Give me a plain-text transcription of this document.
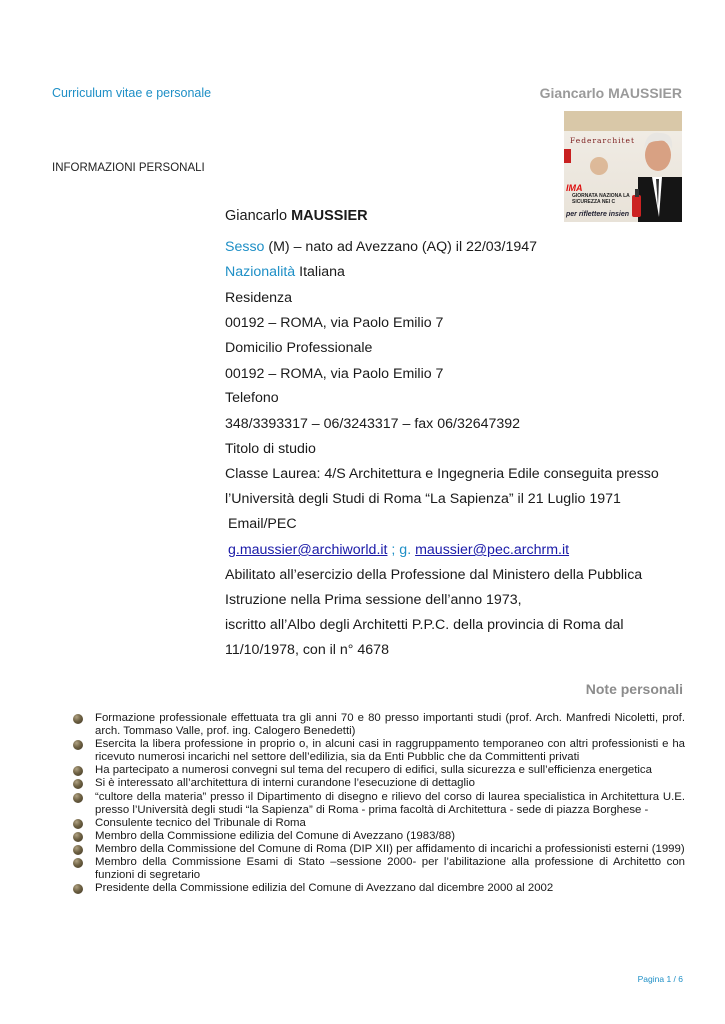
Curriculum vitae e personale	Giancarlo MAUSSIER
INFORMAZIONI PERSONALI
Federarchitet
IMA
GIORNATA NAZIONA LA SICUREZZA NEI C
per riflettere insien
Giancarlo MAUSSIER
Sesso (M) – nato ad Avezzano (AQ) il 22/03/1947
Nazionalità Italiana
Residenza
00192 – ROMA, via Paolo Emilio 7
Domicilio Professionale
00192 – ROMA, via Paolo Emilio 7
Telefono
348/3393317 – 06/3243317 – fax 06/32647392
Titolo di studio
Classe Laurea: 4/S Architettura e Ingegneria Edile conseguita presso
l’Università degli Studi di Roma “La Sapienza” il 21 Luglio 1971
Email/PEC
g.maussier@archiworld.it ; g. maussier@pec.archrm.it
Abilitato all’esercizio della Professione dal Ministero della Pubblica
Istruzione nella Prima sessione dell’anno 1973,
iscritto all’Albo degli Architetti P.P.C. della provincia di Roma dal
11/10/1978, con il n° 4678
Note personali
Formazione professionale effettuata tra gli anni 70 e 80 presso importanti studi (prof. Arch. Manfredi Nicoletti, prof. arch. Tommaso Valle, prof. ing. Calogero Benedetti)
Esercita la libera professione in proprio o, in alcuni casi in raggruppamento temporaneo con altri professionisti e ha ricevuto numerosi incarichi nel settore dell’edilizia, sia da Enti Pubblic che da Committenti privati
Ha partecipato a numerosi convegni sul tema del recupero di edifici, sulla sicurezza e sull’efficienza energetica
Si è interessato all’architettura di interni curandone l’esecuzione di dettaglio
“cultore della materia” presso il Dipartimento di disegno e rilievo del corso di laurea specialistica in Architettura U.E. presso l’Università degli studi “la Sapienza” di Roma - prima facoltà di Architettura - sede di piazza Borghese -
Consulente tecnico del Tribunale di Roma
Membro della Commissione edilizia del Comune di Avezzano (1983/88)
Membro della Commissione del Comune di Roma (DIP XII) per affidamento di incarichi a professionisti esterni (1999)
Membro della Commissione Esami di Stato –sessione 2000- per l’abilitazione alla professione di Architetto con funzioni di segretario
Presidente della Commissione edilizia del Comune di Avezzano dal dicembre 2000 al 2002
Pagina 1 / 6
